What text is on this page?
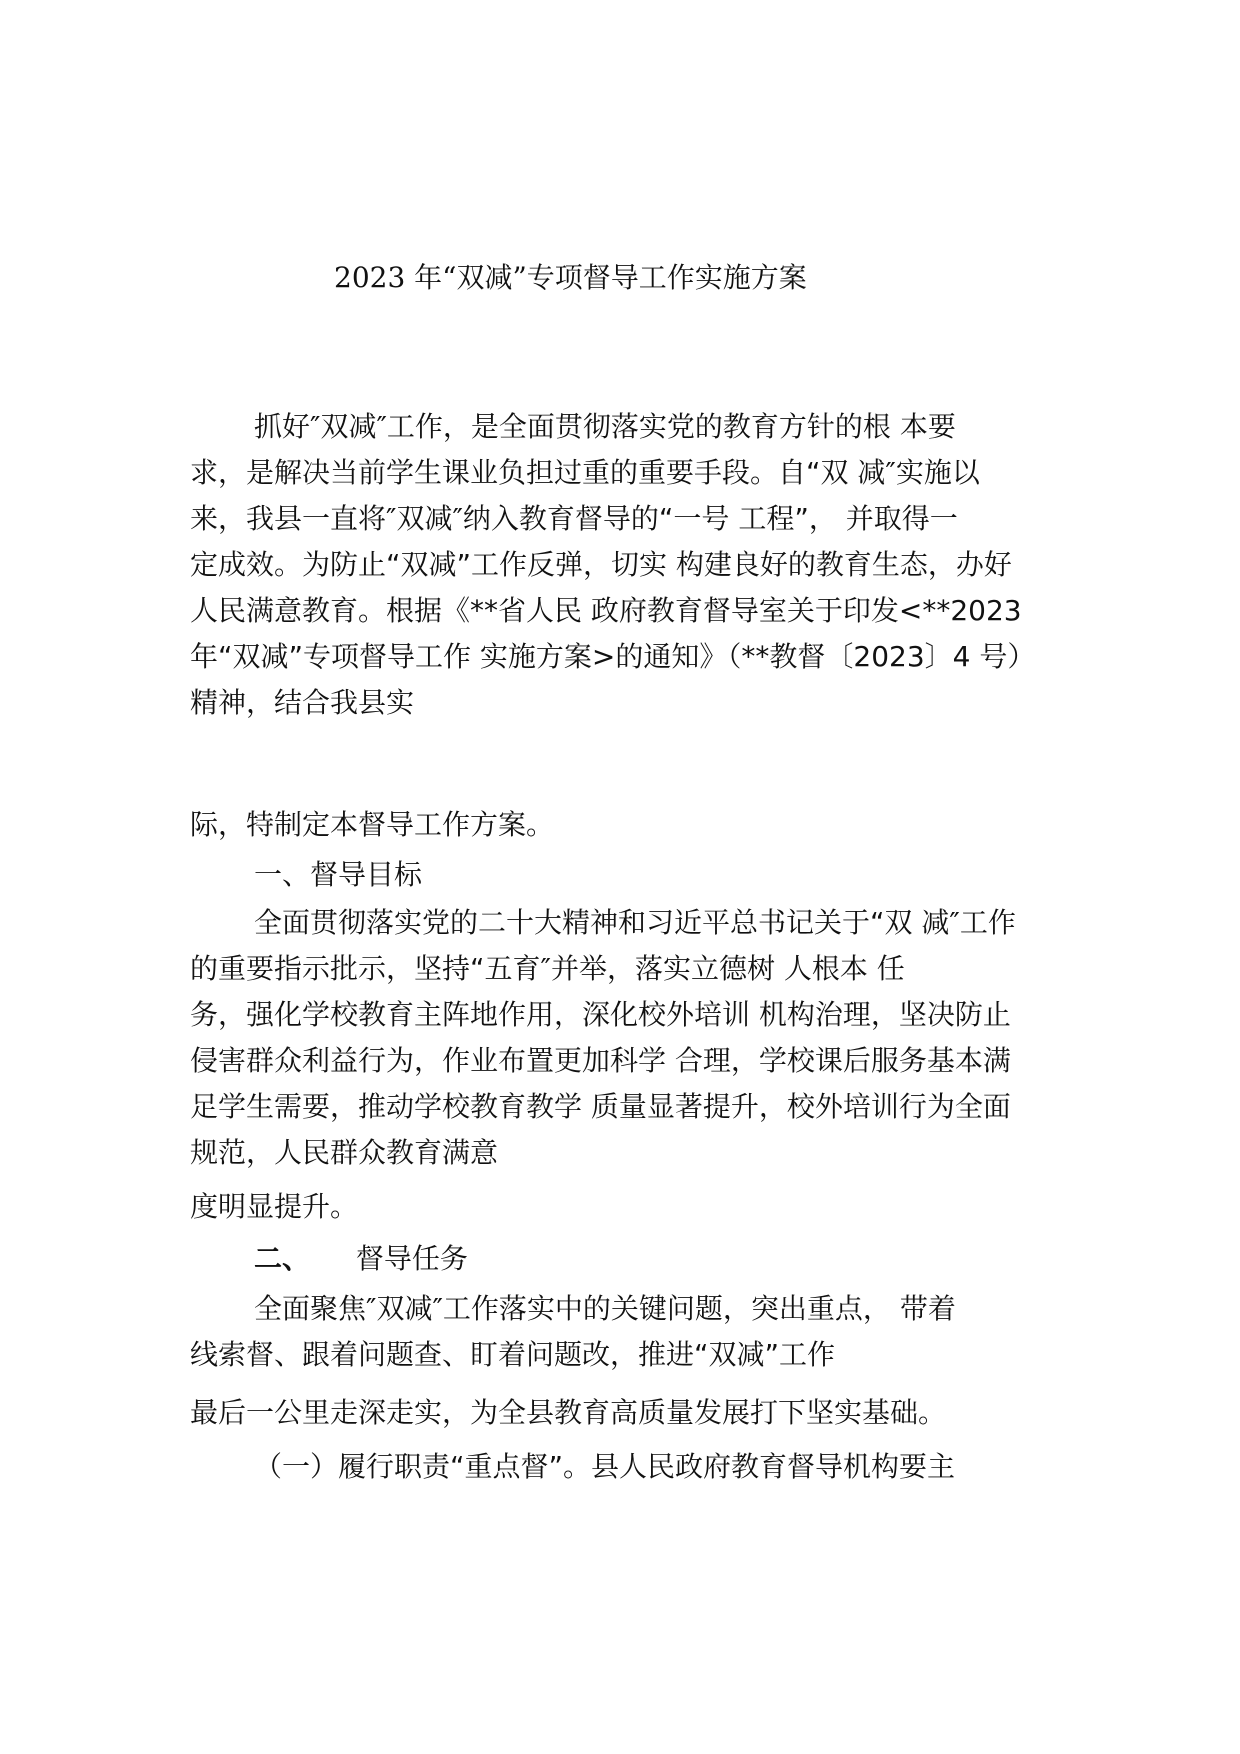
2023 年“双减”专项督导工作实施方案
抓好″双减″工作，是全面贯彻落实党的教育方针的根 本要
求，是解决当前学生课业负担过重的重要手段。自“双 减″实施以
来，我县一直将″双减″纳入教育督导的“一号 工程”， 并取得一
定成效。为防止“双减”工作反弹，切实 构建良好的教育生态，办好
人民满意教育。根据《**省人民 政府教育督导室关于印发<**2023
年“双减”专项督导工作 实施方案>的通知》（**教督〔2023〕4 号）
精神，结合我县实
际，特制定本督导工作方案。
一、督导目标
全面贯彻落实党的二十大精神和习近平总书记关于“双 减″工作
的重要指示批示，坚持“五育″并举，落实立德树 人根本 任
务，强化学校教育主阵地作用，深化校外培训 机构治理，坚决防止
侵害群众利益行为，作业布置更加科学 合理，学校课后服务基本满
足学生需要，推动学校教育教学 质量显著提升，校外培训行为全面
规范，人民群众教育满意
度明显提升。
二、 督导任务
全面聚焦″双减″工作落实中的关键问题，突出重点， 带着
线索督、跟着问题查、盯着问题改，推进“双减”工作
最后一公里走深走实，为全县教育高质量发展打下坚实基础。
（一）履行职责“重点督”。县人民政府教育督导机构要主
